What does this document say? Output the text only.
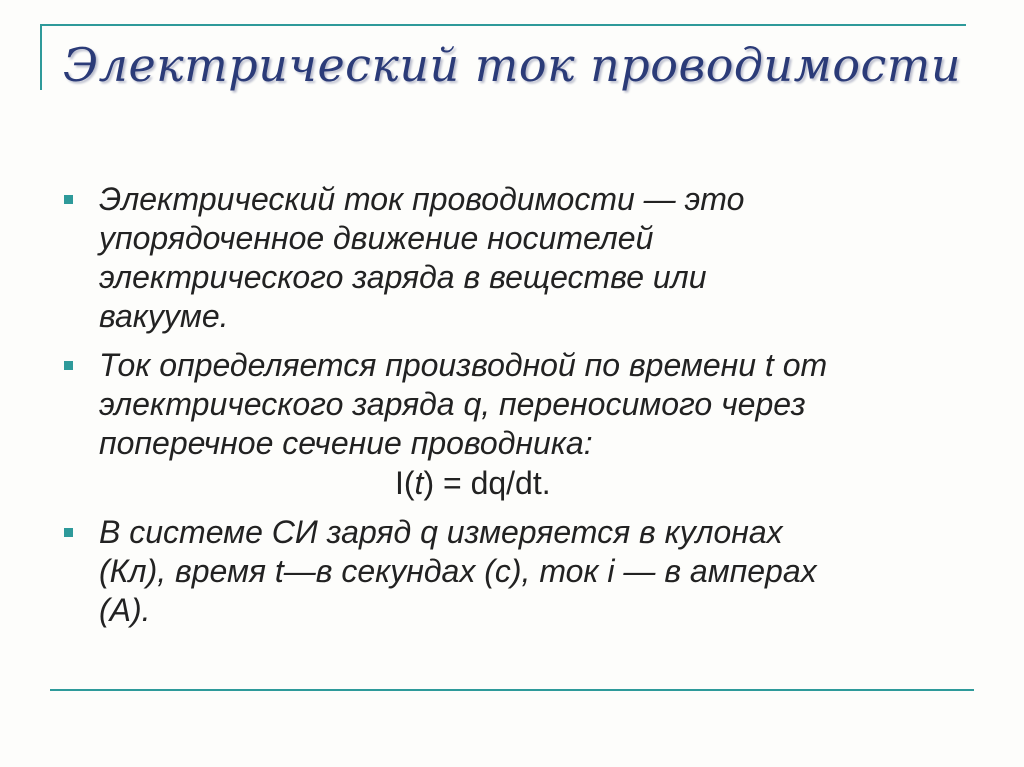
Электрический ток проводимости
Электрический ток проводимости — это
упорядоченное движение носителей
электрического заряда в веществе или
вакууме.
Ток определяется производной по времени t от
электрического заряда q, переносимого через
поперечное сечение проводника:
I(t) = dq/dt.
В системе СИ заряд q измеряется в кулонах
(Кл), время t—в секундах (с), ток i — в амперах
(А).
